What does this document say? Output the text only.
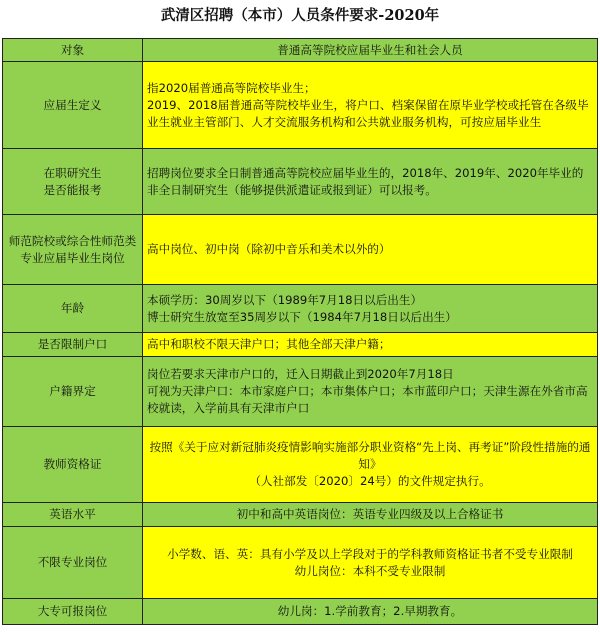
武清区招聘（本市）人员条件要求-2020年
对象	普通高等院校应届毕业生和社会人员
应届生定义	指2020届普通高等院校毕业生；
2019、2018届普通高等院校毕业生，将户口、档案保留在原毕业学校或托管在各级毕业生就业主管部门、人才交流服务机构和公共就业服务机构，可按应届毕业生

在职研究生
是否能报考	招聘岗位要求全日制普通高等院校应届毕业生的，2018年、2019年、2020年毕业的非全日制研究生（能够提供派遣证或报到证）可以报考。

师范院校或综合性师范类专业应届毕业生岗位	高中岗位、初中岗（除初中音乐和美术以外的）

年龄	本硕学历：30周岁以下（1989年7月18日以后出生）
博士研究生放宽至35周岁以下（1984年7月18日以后出生）

是否限制户口	高中和职校不限天津户口；其他全部天津户籍；

户籍界定	岗位若要求天津市户口的，迁入日期截止到2020年7月18日
可视为天津户口：本市家庭户口；本市集体户口；本市蓝印户口；天津生源在外省市高校就读，入学前具有天津市户口

教师资格证	按照《关于应对新冠肺炎疫情影响实施部分职业资格“先上岗、再考证”阶段性措施的通知》
（人社部发〔2020〕24号）的文件规定执行。

英语水平	初中和高中英语岗位：英语专业四级及以上合格证书

不限专业岗位	小学数、语、英：具有小学及以上学段对于的学科教师资格证书者不受专业限制
幼儿岗位：本科不受专业限制

大专可报岗位	幼儿岗：1.学前教育；2.早期教育。
